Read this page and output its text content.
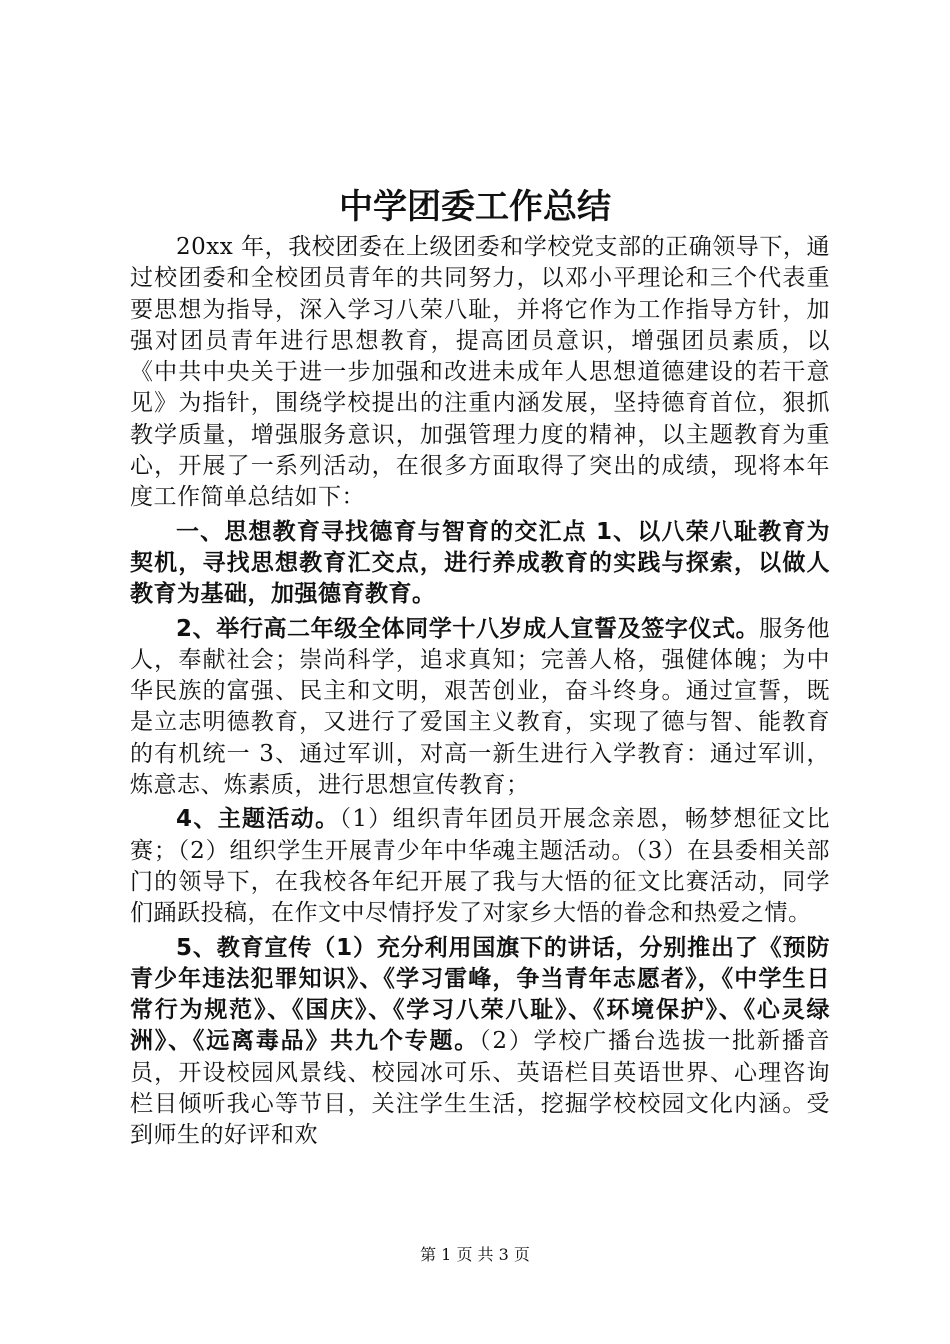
中学团委工作总结

20xx 年，我校团委在上级团委和学校党支部的正确领导下，通过校团委和全校团员青年的共同努力，以邓小平理论和三个代表重要思想为指导，深入学习八荣八耻，并将它作为工作指导方针，加强对团员青年进行思想教育，提高团员意识，增强团员素质，以《中共中央关于进一步加强和改进未成年人思想道德建设的若干意见》为指针，围绕学校提出的注重内涵发展，坚持德育首位，狠抓教学质量，增强服务意识，加强管理力度的精神，以主题教育为重心，开展了一系列活动，在很多方面取得了突出的成绩，现将本年度工作简单总结如下：

一、思想教育寻找德育与智育的交汇点 1、以八荣八耻教育为契机，寻找思想教育汇交点，进行养成教育的实践与探索，以做人教育为基础，加强德育教育。

2、举行高二年级全体同学十八岁成人宣誓及签字仪式。服务他人，奉献社会；崇尚科学，追求真知；完善人格，强健体魄；为中华民族的富强、民主和文明，艰苦创业，奋斗终身。通过宣誓，既是立志明德教育，又进行了爱国主义教育，实现了德与智、能教育的有机统一 3、通过军训，对高一新生进行入学教育：通过军训，炼意志、炼素质，进行思想宣传教育；

4、主题活动。（1）组织青年团员开展念亲恩，畅梦想征文比赛；（2）组织学生开展青少年中华魂主题活动。（3）在县委相关部门的领导下，在我校各年纪开展了我与大悟的征文比赛活动，同学们踊跃投稿，在作文中尽情抒发了对家乡大悟的眷念和热爱之情。

5、教育宣传（1）充分利用国旗下的讲话，分别推出了《预防青少年违法犯罪知识》、《学习雷峰，争当青年志愿者》，《中学生日常行为规范》、《国庆》、《学习八荣八耻》、《环境保护》、《心灵绿洲》、《远离毒品》共九个专题。（2）学校广播台选拔一批新播音员，开设校园风景线、校园冰可乐、英语栏目英语世界、心理咨询栏目倾听我心等节目，关注学生生活，挖掘学校校园文化内涵。受到师生的好评和欢

第 1 页 共 3 页
